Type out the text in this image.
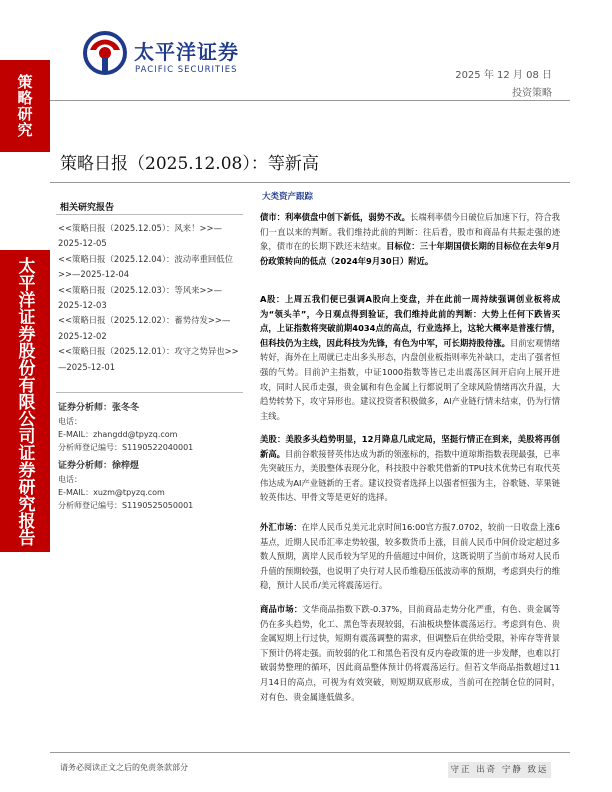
策略研究
太平洋证券股份有限公司证券研究报告
太平洋证券
PACIFIC SECURITIES	2025 年 12 月 08 日
投资策略
策略日报（2025.12.08）：等新高
相关研究报告
<<策略日报（2025.12.05）：风来！>>—2025-12-05
<<策略日报（2025.12.04）：波动率重回低位>>—2025-12-04
<<策略日报（2025.12.03）：等风来>>—2025-12-03
<<策略日报（2025.12.02）：蓄势待发>>—2025-12-02
<<策略日报（2025.12.01）：攻守之势异也>>—2025-12-01
证券分析师：张冬冬
电话：
E-MAIL：zhangdd@tpyzq.com
分析师登记编号：S1190522040001
证券分析师：徐梓煜
电话：
E-MAIL：xuzm@tpyzq.com
分析师登记编号：S1190525050001
大类资产跟踪
债市：利率债盘中创下新低，弱势不改。长端利率债今日破位后加速下行，符合我们一直以来的判断。我们维持此前的判断：往后看，股市和商品有共振走强的迹象，债市在的长期下跌还未结束。目标位：三十年期国债长期的目标位在去年9月份政策转向的低点（2024年9月30日）附近。
A股：上周五我们便已强调A股向上变盘，并在此前一周持续强调创业板将成为“领头羊”，今日观点得到验证，我们维持此前的判断：大势上任何下跌皆买点，上证指数将突破前期4034点的高点，行业选择上，这轮大概率是普涨行情，但科技仍为主线，因此科技为先锋，有色为中军，可长期持股待涨。目前宏观情绪转好，海外在上周就已走出多头形态，内盘创业板指则率先补缺口，走出了强者恒强的气势。目前沪主指数，中证1000指数等皆已走出震荡区间开启向上展开进攻，同时人民币走强，贵金属和有色金属上行都说明了全球风险情绪再次升温，大趋势转势下，攻守异形也。建议投资者积极做多，AI产业链行情未结束，仍为行情主线。
美股：美股多头趋势明显，12月降息几成定局，坚挺行情正在到来，美股将再创新高。目前谷歌接替英伟达成为新的领涨标的，指数中道琼斯指数表现最强，已率先突破压力，美股整体表现分化，科技股中谷歌凭借新的TPU技术优势已有取代英伟达成为AI产业链新的王者。建议投资者选择上以强者恒强为主，谷歌链、苹果链较英伟达、甲骨文等是更好的选择。
外汇市场：在岸人民币兑美元北京时间16:00官方报7.0702，较前一日收盘上涨6基点，近期人民币汇率走势较强，较多数货币上涨，目前人民币中间价设定超过多数人预期，离岸人民币较为罕见的升值超过中间价，这既说明了当前市场对人民币升值的预期较强，也说明了央行对人民币维稳压低波动率的预期，考虑到央行的维稳，预计人民币/美元将震荡运行。
商品市场：文华商品指数下跌-0.37%，目前商品走势分化严重，有色、贵金属等仍在多头趋势，化工、黑色等表现较弱，石油板块整体震荡运行。考虑到有色、贵金属短期上行过快，短期有震荡调整的需求，但调整后在供给受限，补库存等背景下预计仍将走强。而较弱的化工和黑色若没有反内卷政策的进一步发酵，也难以打破弱势整理的循环，因此商品整体预计仍将震荡运行。但若文华商品指数超过11月14日的高点，可视为有效突破，则短期双底形成，当前可在控制仓位的同时，对有色、贵金属逢低做多。
请务必阅读正文之后的免责条款部分	守正 出奇 宁静 致远
